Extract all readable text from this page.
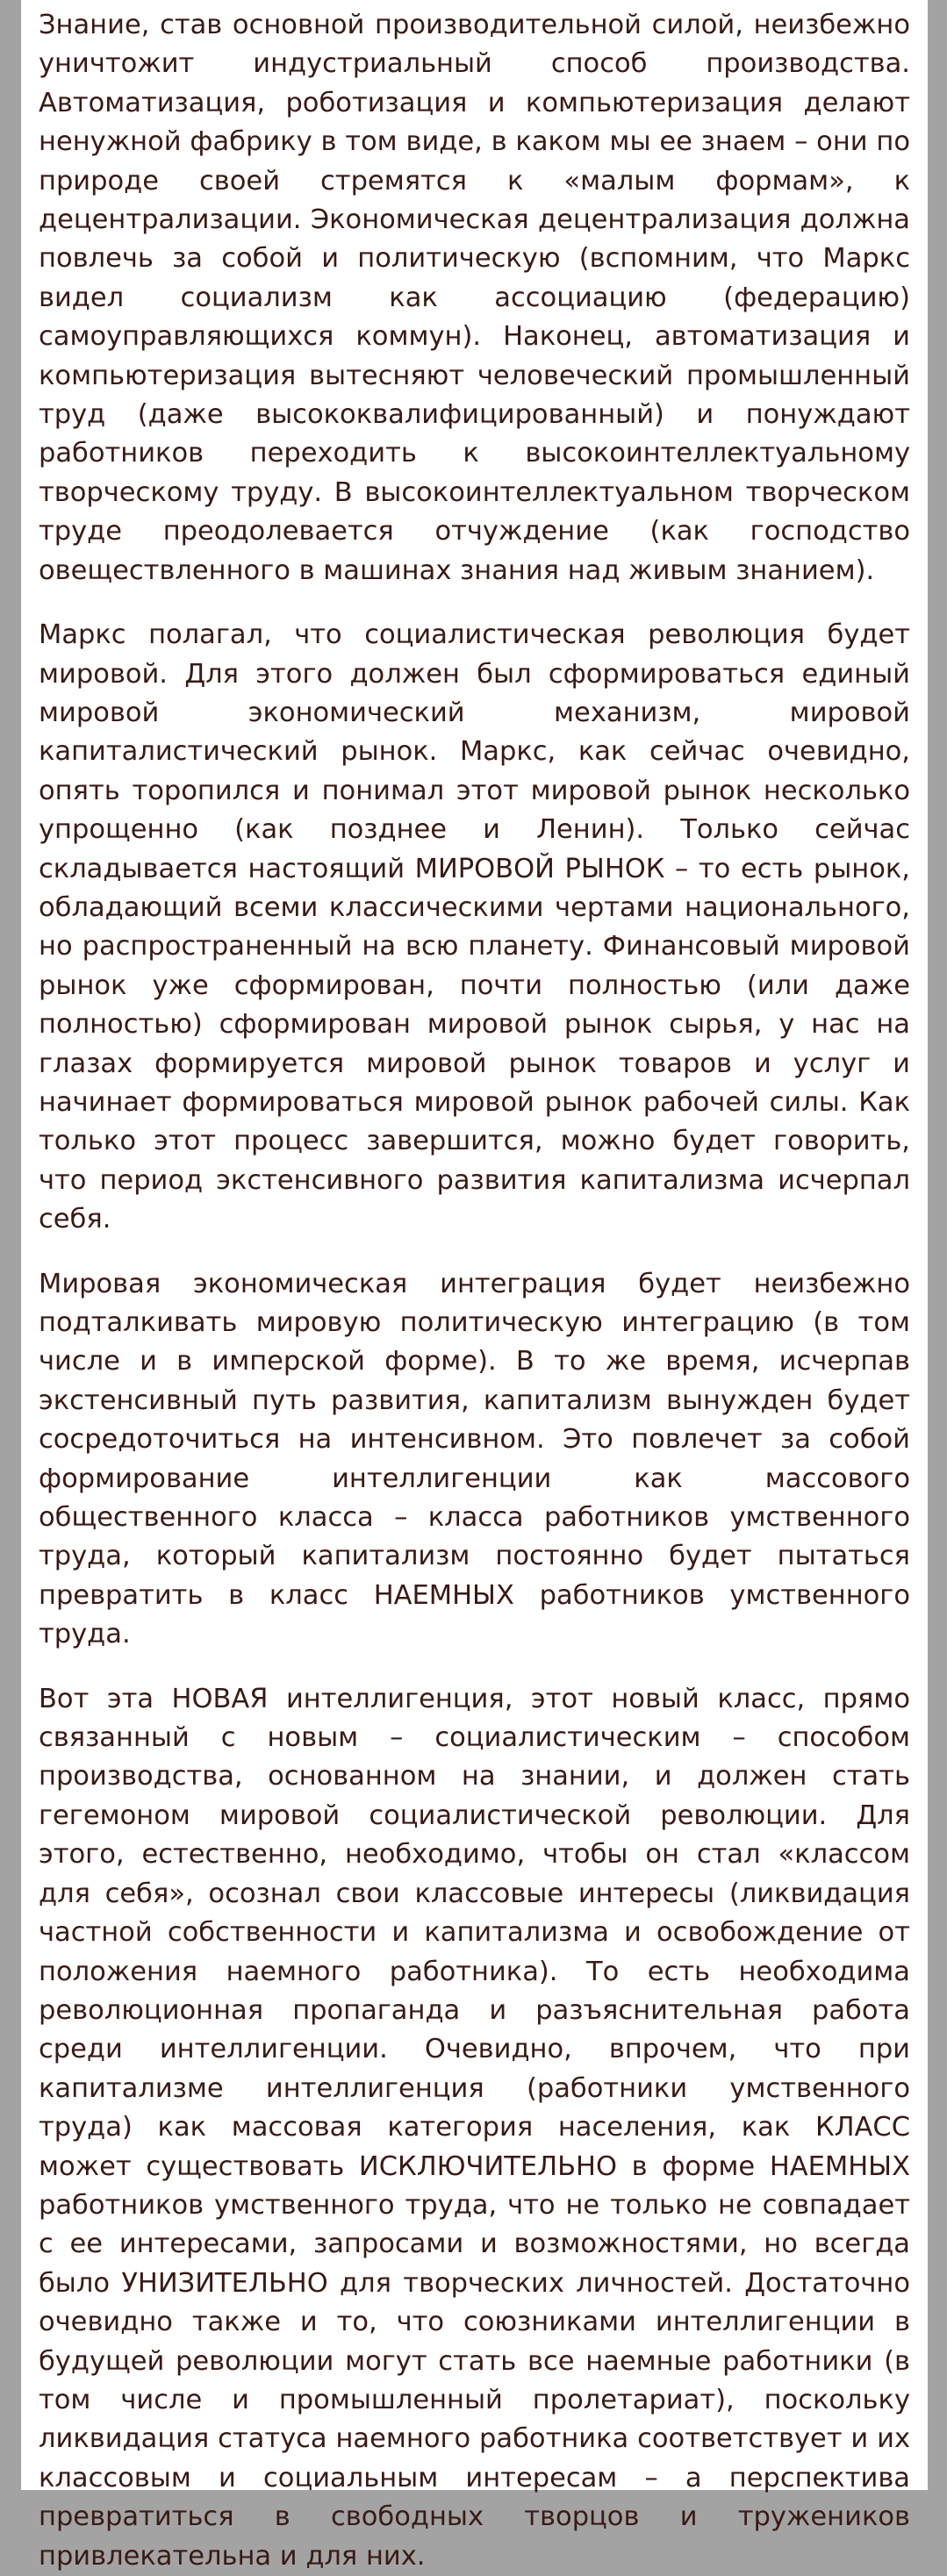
Знание, став основной производительной силой, неизбежно уничтожит индустриальный способ производства. Автоматизация, роботизация и компьютеризация делают ненужной фабрику в том виде, в каком мы ее знаем – они по природе своей стремятся к «малым формам», к децентрализации. Экономическая децентрализация должна повлечь за собой и политическую (вспомним, что Маркс видел социализм как ассоциацию (федерацию) самоуправляющихся коммун). Наконец, автоматизация и компьютеризация вытесняют человеческий промышленный труд (даже высококвалифицированный) и понуждают работников переходить к высокоинтеллектуальному творческому труду. В высокоинтеллектуальном творческом труде преодолевается отчуждение (как господство овеществленного в машинах знания над живым знанием).

Маркс полагал, что социалистическая революция будет мировой. Для этого должен был сформироваться единый мировой экономический механизм, мировой капиталистический рынок. Маркс, как сейчас очевидно, опять торопился и понимал этот мировой рынок несколько упрощенно (как позднее и Ленин). Только сейчас складывается настоящий МИРОВОЙ РЫНОК – то есть рынок, обладающий всеми классическими чертами национального, но распространенный на всю планету. Финансовый мировой рынок уже сформирован, почти полностью (или даже полностью) сформирован мировой рынок сырья, у нас на глазах формируется мировой рынок товаров и услуг и начинает формироваться мировой рынок рабочей силы. Как только этот процесс завершится, можно будет говорить, что период экстенсивного развития капитализма исчерпал себя.

Мировая экономическая интеграция будет неизбежно подталкивать мировую политическую интеграцию (в том числе и в имперской форме). В то же время, исчерпав экстенсивный путь развития, капитализм вынужден будет сосредоточиться на интенсивном. Это повлечет за собой формирование интеллигенции как массового общественного класса – класса работников умственного труда, который капитализм постоянно будет пытаться превратить в класс НАЕМНЫХ работников умственного труда.

Вот эта НОВАЯ интеллигенция, этот новый класс, прямо связанный с новым – социалистическим – способом производства, основанном на знании, и должен стать гегемоном мировой социалистической революции. Для этого, естественно, необходимо, чтобы он стал «классом для себя», осознал свои классовые интересы (ликвидация частной собственности и капитализма и освобождение от положения наемного работника). То есть необходима революционная пропаганда и разъяснительная работа среди интеллигенции. Очевидно, впрочем, что при капитализме интеллигенция (работники умственного труда) как массовая категория населения, как КЛАСС может существовать ИСКЛЮЧИТЕЛЬНО в форме НАЕМНЫХ работников умственного труда, что не только не совпадает с ее интересами, запросами и возможностями, но всегда было УНИЗИТЕЛЬНО для творческих личностей. Достаточно очевидно также и то, что союзниками интеллигенции в будущей революции могут стать все наемные работники (в том числе и промышленный пролетариат), поскольку ликвидация статуса наемного работника соответствует и их классовым и социальным интересам – а перспектива превратиться в свободных творцов и тружеников привлекательна и для них.
